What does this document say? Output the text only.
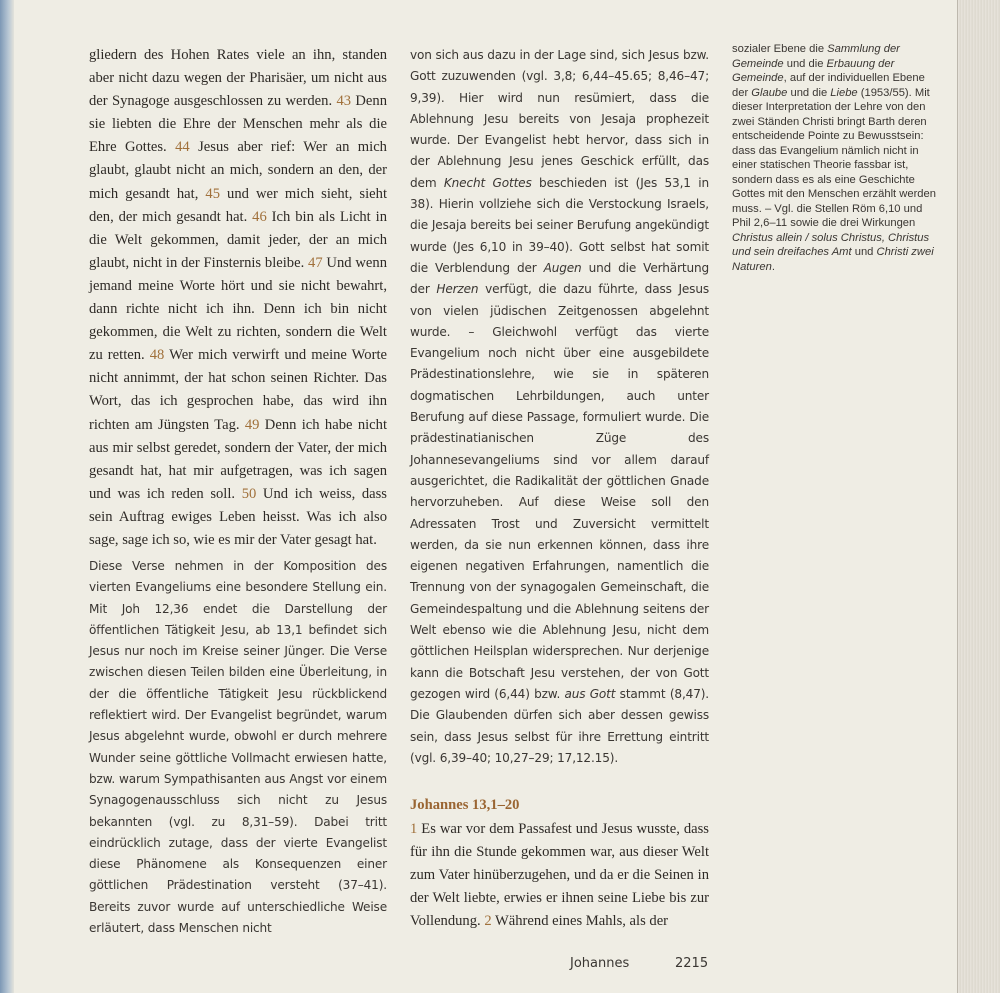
gliedern des Hohen Rates viele an ihn, standen aber nicht dazu wegen der Pharisäer, um nicht aus der Synagoge ausgeschlossen zu werden. 43 Denn sie liebten die Ehre der Menschen mehr als die Ehre Gottes. 44 Jesus aber rief: Wer an mich glaubt, glaubt nicht an mich, sondern an den, der mich gesandt hat, 45 und wer mich sieht, sieht den, der mich gesandt hat. 46 Ich bin als Licht in die Welt gekommen, damit jeder, der an mich glaubt, nicht in der Finsternis bleibe. 47 Und wenn jemand meine Worte hört und sie nicht bewahrt, dann richte nicht ich ihn. Denn ich bin nicht gekommen, die Welt zu richten, sondern die Welt zu retten. 48 Wer mich verwirft und meine Worte nicht annimmt, der hat schon seinen Richter. Das Wort, das ich gesprochen habe, das wird ihn richten am Jüngsten Tag. 49 Denn ich habe nicht aus mir selbst geredet, sondern der Vater, der mich gesandt hat, hat mir aufgetragen, was ich sagen und was ich reden soll. 50 Und ich weiss, dass sein Auftrag ewiges Leben heisst. Was ich also sage, sage ich so, wie es mir der Vater gesagt hat.

Diese Verse nehmen in der Komposition des vierten Evangeliums eine besondere Stellung ein. Mit Joh 12,36 endet die Darstellung der öffentlichen Tätigkeit Jesu, ab 13,1 befindet sich Jesus nur noch im Kreise seiner Jünger. Die Verse zwischen diesen Teilen bilden eine Überleitung, in der die öffentliche Tätigkeit Jesu rückblickend reflektiert wird. Der Evangelist begründet, warum Jesus abgelehnt wurde, obwohl er durch mehrere Wunder seine göttliche Vollmacht erwiesen hatte, bzw. warum Sympathisanten aus Angst vor einem Synagogenausschluss sich nicht zu Jesus bekannten (vgl. zu 8,31–59). Dabei tritt eindrücklich zutage, dass der vierte Evangelist diese Phänomene als Konsequenzen einer göttlichen Prädestination versteht (37–41). Bereits zuvor wurde auf unterschiedliche Weise erläutert, dass Menschen nicht

von sich aus dazu in der Lage sind, sich Jesus bzw. Gott zuzuwenden (vgl. 3,8; 6,44–45.65; 8,46–47; 9,39). Hier wird nun resümiert, dass die Ablehnung Jesu bereits von Jesaja prophezeit wurde. Der Evangelist hebt hervor, dass sich in der Ablehnung Jesu jenes Geschick erfüllt, das dem Knecht Gottes beschieden ist (Jes 53,1 in 38). Hierin vollziehe sich die Verstockung Israels, die Jesaja bereits bei seiner Berufung angekündigt wurde (Jes 6,10 in 39–40). Gott selbst hat somit die Verblendung der Augen und die Verhärtung der Herzen verfügt, die dazu führte, dass Jesus von vielen jüdischen Zeitgenossen abgelehnt wurde. – Gleichwohl verfügt das vierte Evangelium noch nicht über eine ausgebildete Prädestinationslehre, wie sie in späteren dogmatischen Lehrbildungen, auch unter Berufung auf diese Passage, formuliert wurde. Die prädestinatianischen Züge des Johannesevangeliums sind vor allem darauf ausgerichtet, die Radikalität der göttlichen Gnade hervorzuheben. Auf diese Weise soll den Adressaten Trost und Zuversicht vermittelt werden, da sie nun erkennen können, dass ihre eigenen negativen Erfahrungen, namentlich die Trennung von der synagogalen Gemeinschaft, die Gemeindespaltung und die Ablehnung seitens der Welt ebenso wie die Ablehnung Jesu, nicht dem göttlichen Heilsplan widersprechen. Nur derjenige kann die Botschaft Jesu verstehen, der von Gott gezogen wird (6,44) bzw. aus Gott stammt (8,47). Die Glaubenden dürfen sich aber dessen gewiss sein, dass Jesus selbst für ihre Errettung eintritt (vgl. 6,39–40; 10,27–29; 17,12.15).

Johannes 13,1–20

1 Es war vor dem Passafest und Jesus wusste, dass für ihn die Stunde gekommen war, aus dieser Welt zum Vater hinüberzugehen, und da er die Seinen in der Welt liebte, erwies er ihnen seine Liebe bis zur Vollendung. 2 Während eines Mahls, als der

sozialer Ebene die Sammlung der Gemeinde und die Erbauung der Gemeinde, auf der individuellen Ebene der Glaube und die Liebe (1953/55). Mit dieser Interpretation der Lehre von den zwei Ständen Christi bringt Barth deren entscheidende Pointe zu Bewusstsein: dass das Evangelium nämlich nicht in einer statischen Theorie fassbar ist, sondern dass es als eine Geschichte Gottes mit den Menschen erzählt werden muss. – Vgl. die Stellen Röm 6,10 und Phil 2,6–11 sowie die drei Wirkungen Christus allein / solus Christus, Christus und sein dreifaches Amt und Christi zwei Naturen.

Johannes	2215
